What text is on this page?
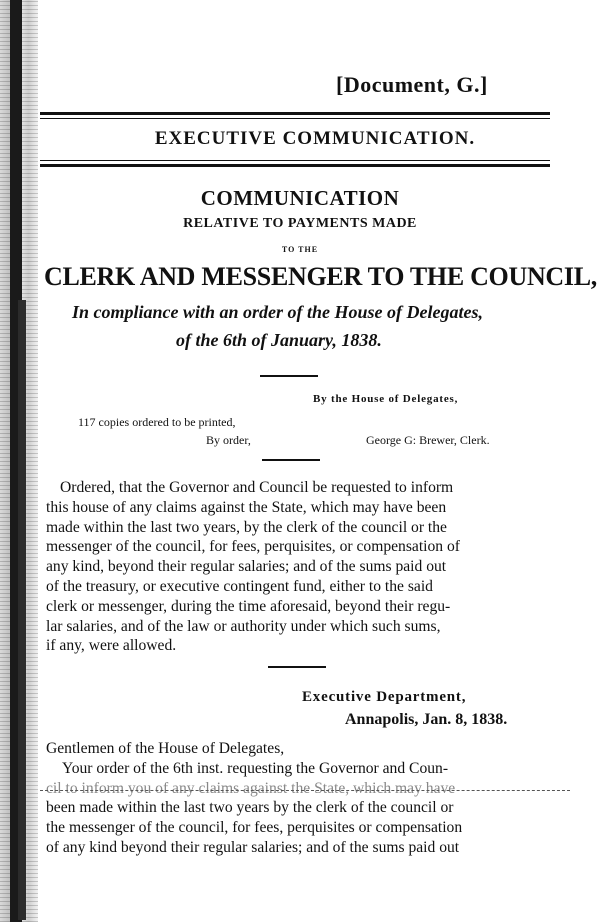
[Document, G.]
EXECUTIVE COMMUNICATION.
COMMUNICATION
RELATIVE TO PAYMENTS MADE
TO THE
CLERK AND MESSENGER TO THE COUNCIL,
In compliance with an order of the House of Delegates,
of the 6th of January, 1838.
By the House of Delegates,
117 copies ordered to be printed,
By order,	George G: Brewer, Clerk.
Ordered, that the Governor and Council be requested to inform
this house of any claims against the State, which may have been
made within the last two years, by the clerk of the council or the
messenger of the council, for fees, perquisites, or compensation of
any kind, beyond their regular salaries; and of the sums paid out
of the treasury, or executive contingent fund, either to the said
clerk or messenger, during the time aforesaid, beyond their regu-
lar salaries, and of the law or authority under which such sums,
if any, were allowed.
Executive Department,
Annapolis, Jan. 8, 1838.
Gentlemen of the House of Delegates,
Your order of the 6th inst. requesting the Governor and Coun-
cil to inform you of any claims against the State, which may have
been made within the last two years by the clerk of the council or
the messenger of the council, for fees, perquisites or compensation
of any kind beyond their regular salaries; and of the sums paid out
